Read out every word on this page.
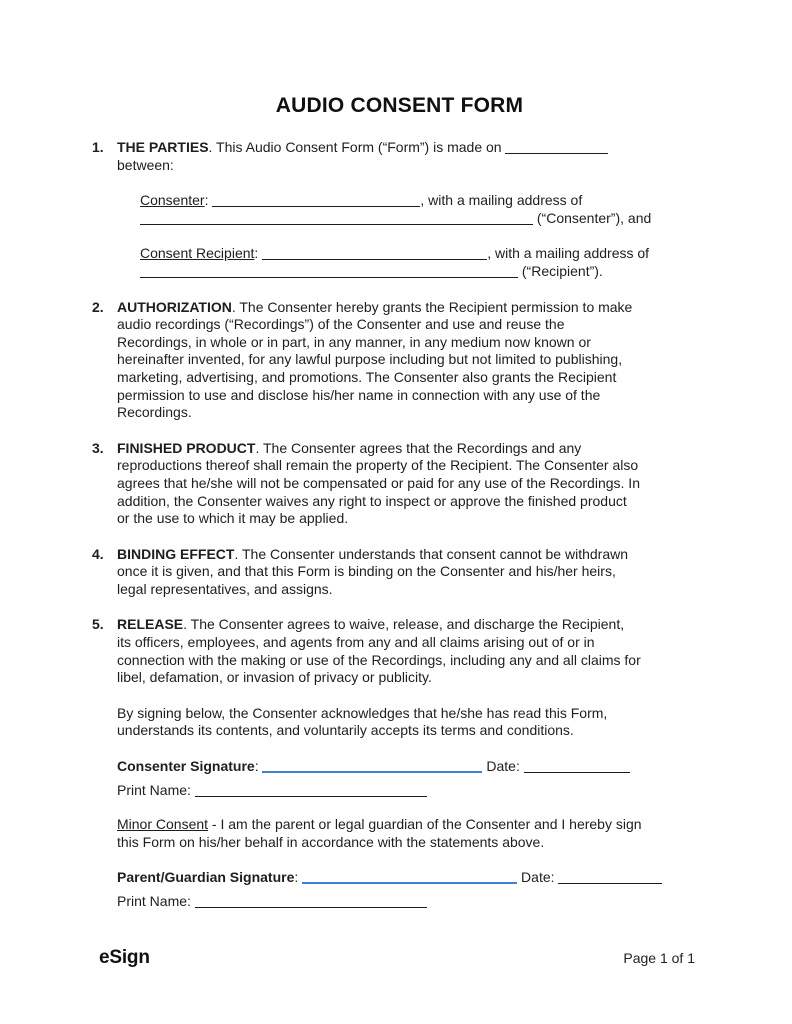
AUDIO CONSENT FORM
1. THE PARTIES. This Audio Consent Form (“Form”) is made on
between:
Consenter:	, with a mailing address of
(“Consenter”), and
Consent Recipient:	, with a mailing address of
(“Recipient”).
2. AUTHORIZATION. The Consenter hereby grants the Recipient permission to make
audio recordings (“Recordings”) of the Consenter and use and reuse the
Recordings, in whole or in part, in any manner, in any medium now known or
hereinafter invented, for any lawful purpose including but not limited to publishing,
marketing, advertising, and promotions. The Consenter also grants the Recipient
permission to use and disclose his/her name in connection with any use of the
Recordings.
3. FINISHED PRODUCT. The Consenter agrees that the Recordings and any
reproductions thereof shall remain the property of the Recipient. The Consenter also
agrees that he/she will not be compensated or paid for any use of the Recordings. In
addition, the Consenter waives any right to inspect or approve the finished product
or the use to which it may be applied.
4. BINDING EFFECT. The Consenter understands that consent cannot be withdrawn
once it is given, and that this Form is binding on the Consenter and his/her heirs,
legal representatives, and assigns.
5. RELEASE. The Consenter agrees to waive, release, and discharge the Recipient,
its officers, employees, and agents from any and all claims arising out of or in
connection with the making or use of the Recordings, including any and all claims for
libel, defamation, or invasion of privacy or publicity.
By signing below, the Consenter acknowledges that he/she has read this Form,
understands its contents, and voluntarily accepts its terms and conditions.
Consenter Signature:	Date:
Print Name:
Minor Consent - I am the parent or legal guardian of the Consenter and I hereby sign
this Form on his/her behalf in accordance with the statements above.
Parent/Guardian Signature:	Date:
Print Name:
eSign	Page 1 of 1
